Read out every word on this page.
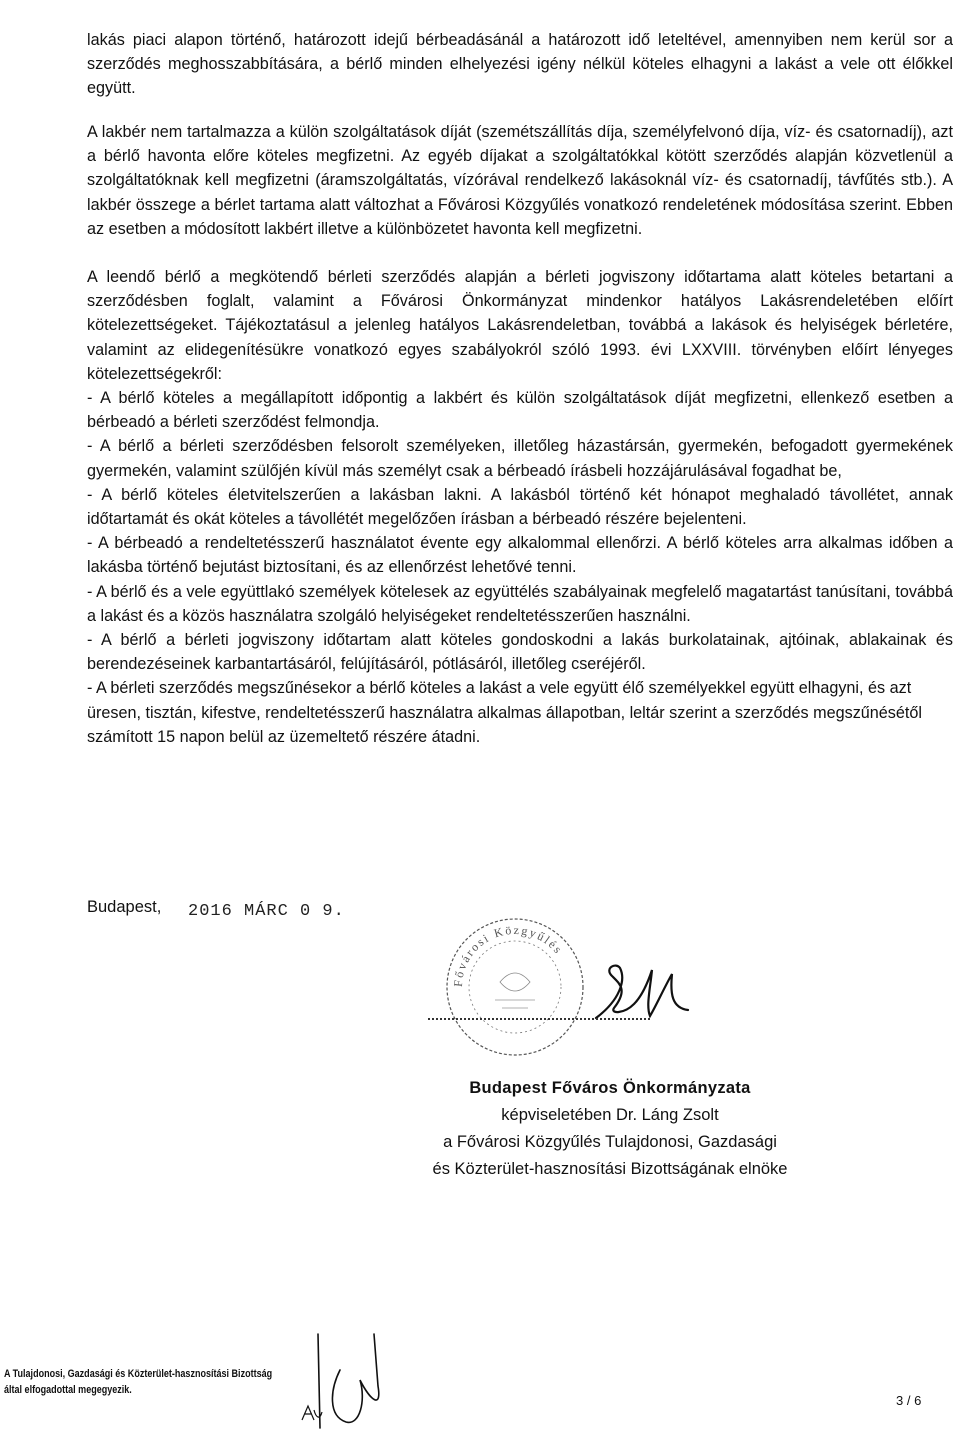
lakás piaci alapon történő, határozott idejű bérbeadásánál a határozott idő leteltével, amennyiben nem kerül sor a szerződés meghosszabbítására, a bérlő minden elhelyezési igény nélkül köteles elhagyni a lakást a vele ott élőkkel együtt.

A lakbér nem tartalmazza a külön szolgáltatások díját (szemétszállítás díja, személyfelvonó díja, víz- és csatornadíj), azt a bérlő havonta előre köteles megfizetni. Az egyéb díjakat a szolgáltatókkal kötött szerződés alapján közvetlenül a szolgáltatóknak kell megfizetni (áramszolgáltatás, vízórával rendelkező lakásoknál víz- és csatornadíj, távfűtés stb.). A lakbér összege a bérlet tartama alatt változhat a Fővárosi Közgyűlés vonatkozó rendeletének módosítása szerint. Ebben az esetben a módosított lakbért illetve a különbözetet havonta kell megfizetni.

A leendő bérlő a megkötendő bérleti szerződés alapján a bérleti jogviszony időtartama alatt köteles betartani a szerződésben foglalt, valamint a Fővárosi Önkormányzat mindenkor hatályos Lakásrendeletében előírt kötelezettségeket. Tájékoztatásul a jelenleg hatályos Lakásrendeletban, továbbá a lakások és helyiségek bérletére, valamint az elidegenítésükre vonatkozó egyes szabályokról szóló 1993. évi LXXVIII. törvényben előírt lényeges kötelezettségekről:

- A bérlő köteles a megállapított időpontig a lakbért és külön szolgáltatások díját megfizetni, ellenkező esetben a bérbeadó a bérleti szerződést felmondja.

- A bérlő a bérleti szerződésben felsorolt személyeken, illetőleg házastársán, gyermekén, befogadott gyermekének gyermekén, valamint szülőjén kívül más személyt csak a bérbeadó írásbeli hozzájárulásával fogadhat be,

- A bérlő köteles életvitelszerűen a lakásban lakni. A lakásból történő két hónapot meghaladó távollétet, annak időtartamát és okát köteles a távollétét megelőzően írásban a bérbeadó részére bejelenteni.

- A bérbeadó a rendeltetésszerű használatot évente egy alkalommal ellenőrzi. A bérlő köteles arra alkalmas időben a lakásba történő bejutást biztosítani, és az ellenőrzést lehetővé tenni.

- A bérlő és a vele együttlakó személyek kötelesek az együttélés szabályainak megfelelő magatartást tanúsítani, továbbá a lakást és a közös használatra szolgáló helyiségeket rendeltetésszerűen használni.

- A bérlő a bérleti jogviszony időtartam alatt köteles gondoskodni a lakás burkolatainak, ajtóinak, ablakainak és berendezéseinek karbantartásáról, felújításáról, pótlásáról, illetőleg cseréjéről.

- A bérleti szerződés megszűnésekor a bérlő köteles a lakást a vele együtt élő személyekkel együtt elhagyni, és azt üresen, tisztán, kifestve, rendeltetésszerű használatra alkalmas állapotban, leltár szerint a szerződés megszűnésétől számított 15 napon belül az üzemeltető részére átadni.

Budapest, 2016 MÁRC 0 9.
Fővárosi Közgyűlés
Budapest Főváros Önkormányzata
képviseletében Dr. Láng Zsolt
a Fővárosi Közgyűlés Tulajdonosi, Gazdasági
és Közterület-hasznosítási Bizottságának elnöke
A Tulajdonosi, Gazdasági és Közterület-hasznosítási Bizottság
által elfogadottal megegyezik.
3 / 6
